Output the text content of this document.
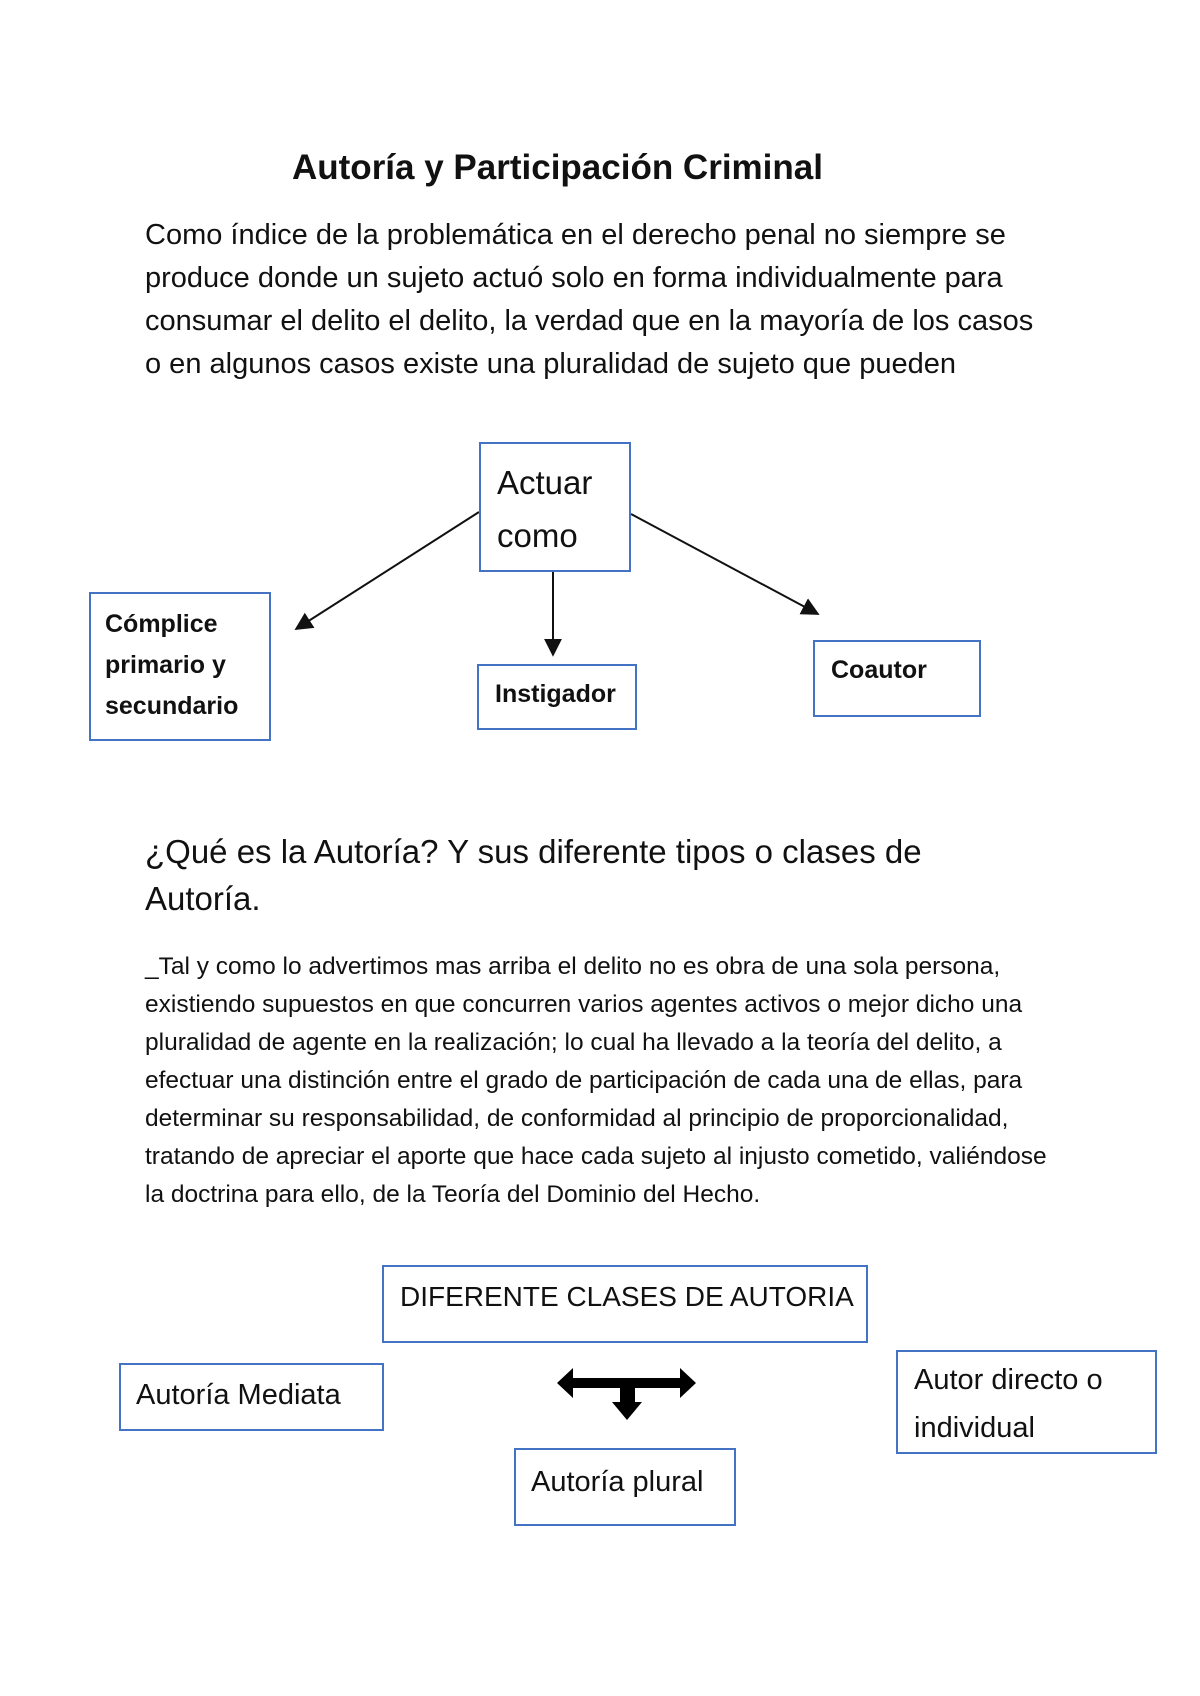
Autoría y Participación Criminal

Como índice de la problemática en el derecho penal no siempre se produce donde un sujeto actuó solo en forma individualmente para consumar el delito el delito, la verdad que en la mayoría de los casos o en algunos casos existe una pluralidad de sujeto que pueden

Actuar
como
Cómplice
primario y
secundario	Instigador
Coautor

¿Qué es la Autoría? Y sus diferente tipos o clases de Autoría.

_Tal y como lo advertimos mas arriba el delito no es obra de una sola persona, existiendo supuestos en que concurren varios agentes activos o mejor dicho una pluralidad de agente en la realización; lo cual ha llevado a la teoría del delito, a efectuar una distinción entre el grado de participación de cada una de ellas, para determinar su responsabilidad, de conformidad al principio de proporcionalidad, tratando de apreciar el aporte que hace cada sujeto al injusto cometido, valiéndose la doctrina para ello, de la Teoría del Dominio del Hecho.

DIFERENTE CLASES DE AUTORIA
Autoría Mediata	Autor directo o
individual
Autoría plural
